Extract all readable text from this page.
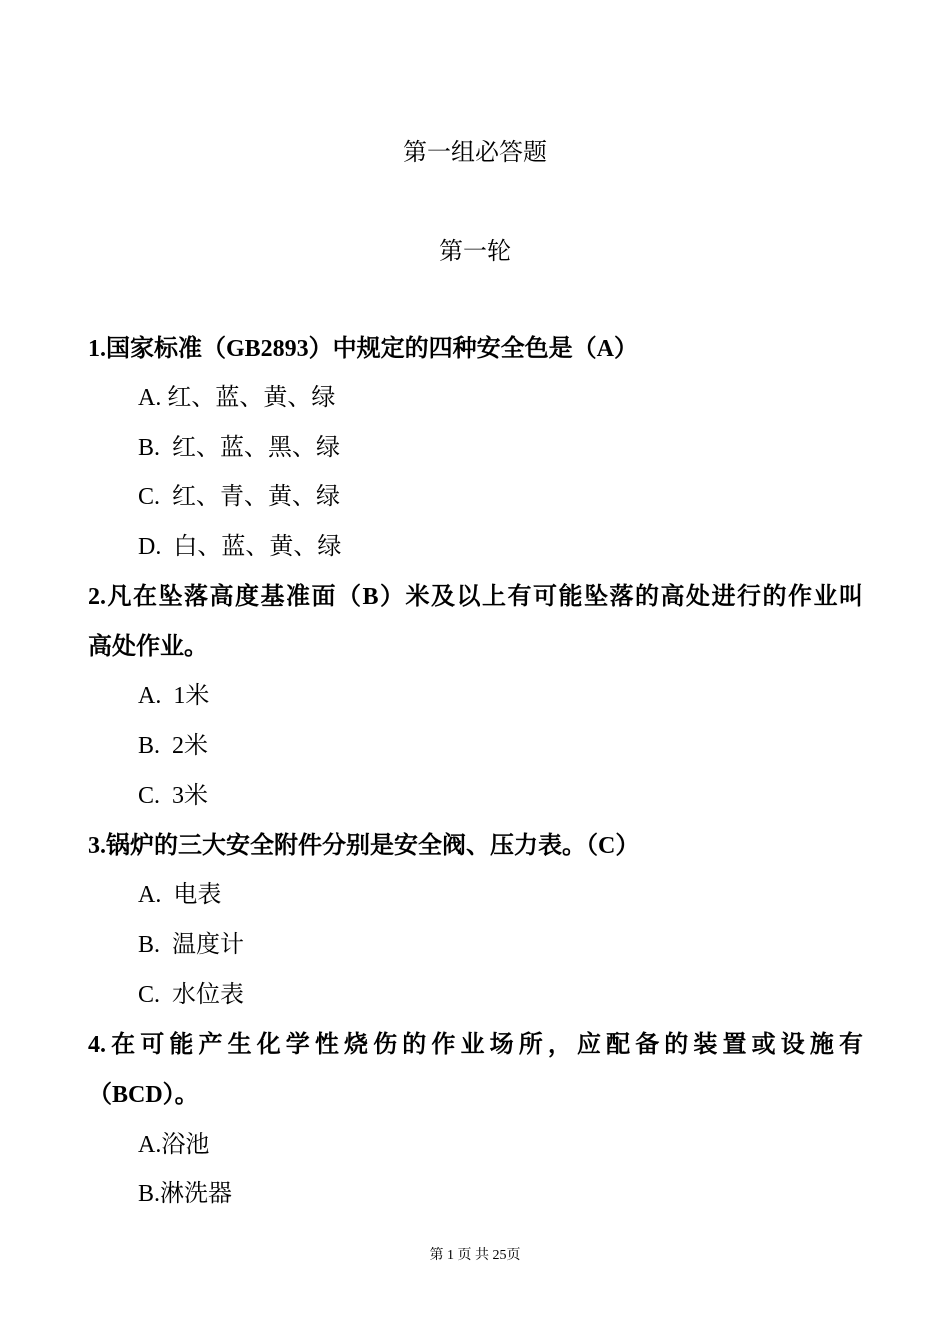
第一组必答题
第一轮
1.国家标准（GB2893）中规定的四种安全色是（A）
A. 红、蓝、黄、绿
B.  红、蓝、黑、绿
C.  红、青、黄、绿
D.  白、蓝、黄、绿
2.凡在坠落高度基准面（B）米及以上有可能坠落的高处进行的作业叫
高处作业。
A.  1米
B.  2米
C.  3米
3.锅炉的三大安全附件分别是安全阀、压力表。（C）
A.  电表
B.  温度计
C.  水位表
4.在可能产生化学性烧伤的作业场所，应配备的装置或设施有
（BCD）。
A.浴池
B.淋洗器
第 1 页 共 25页
